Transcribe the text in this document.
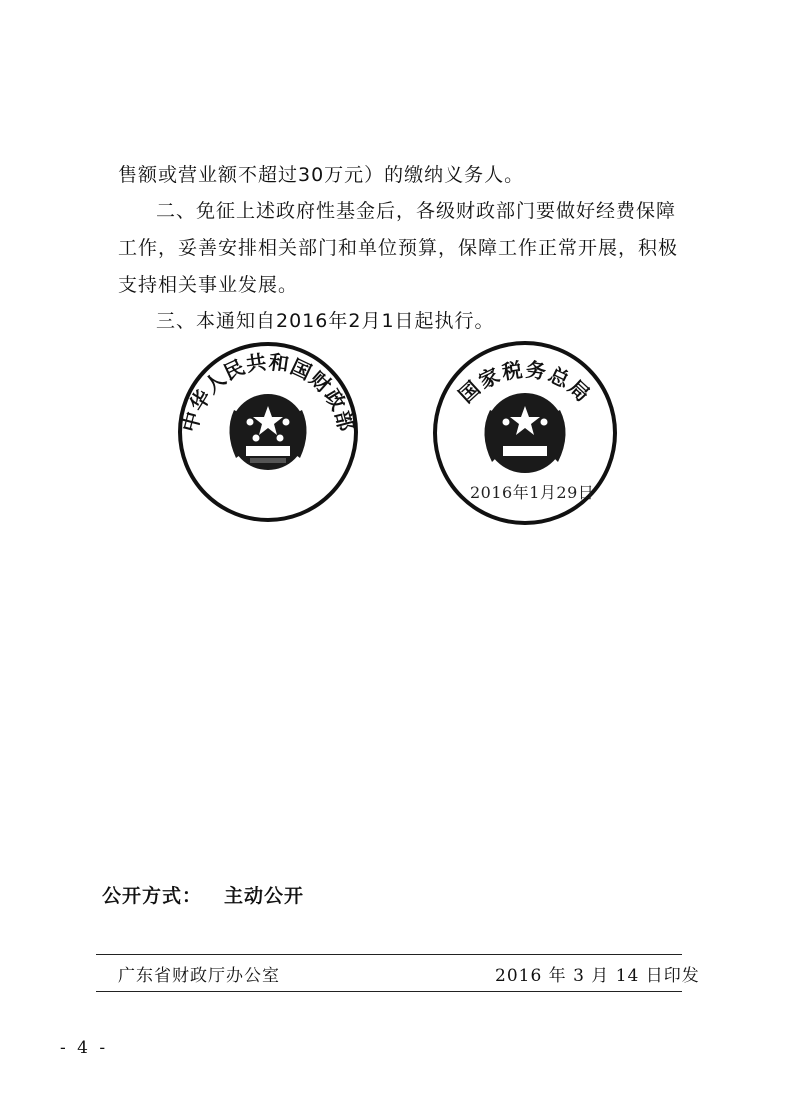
售额或营业额不超过30万元）的缴纳义务人。
二、免征上述政府性基金后，各级财政部门要做好经费保障
工作，妥善安排相关部门和单位预算，保障工作正常开展，积极
支持相关事业发展。
三、本通知自2016年2月1日起执行。
中华人民共和国财政部
国家税务总局
2016年1月29日
公开方式： 主动公开
广东省财政厅办公室	2016 年 3 月 14 日印发
- 4 -
